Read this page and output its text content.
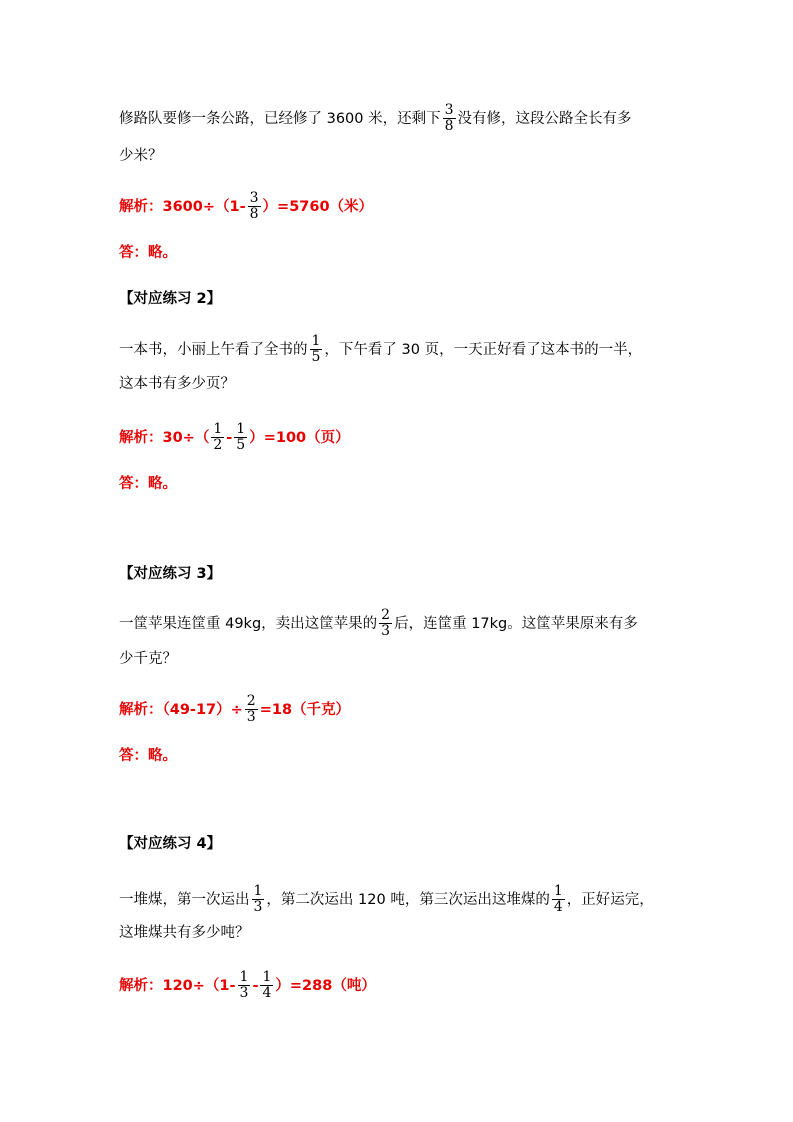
修路队要修一条公路，已经修了 3600 米，还剩下 $\frac{3}{8}$ 没有修，这段公路全长有多
少米？
解析：$3600\div(1- \frac{3}{8} )=5760$（米）
答：略。
【对应练习 2】
一本书，小丽上午看了全书的 $\frac{1}{5}$ ，下午看了 30 页，一天正好看了这本书的一半，
这本书有多少页？
解析：$30\div( \frac{1}{2} - \frac{1}{5} )=100$（页）
答：略。
【对应练习 3】
一筐苹果连筐重 49kg，卖出这筐苹果的 $\frac{2}{3}$ 后，连筐重 17kg。这筐苹果原来有多
少千克？
解析：$(49-17)\div \frac{2}{3} =18$（千克）
答：略。
【对应练习 4】
一堆煤，第一次运出 $\frac{1}{3}$ ，第二次运出 120 吨，第三次运出这堆煤的 $\frac{1}{4}$ ，正好运完，
这堆煤共有多少吨？
解析：$120\div(1- \frac{1}{3} - \frac{1}{4} )=288$（吨）
